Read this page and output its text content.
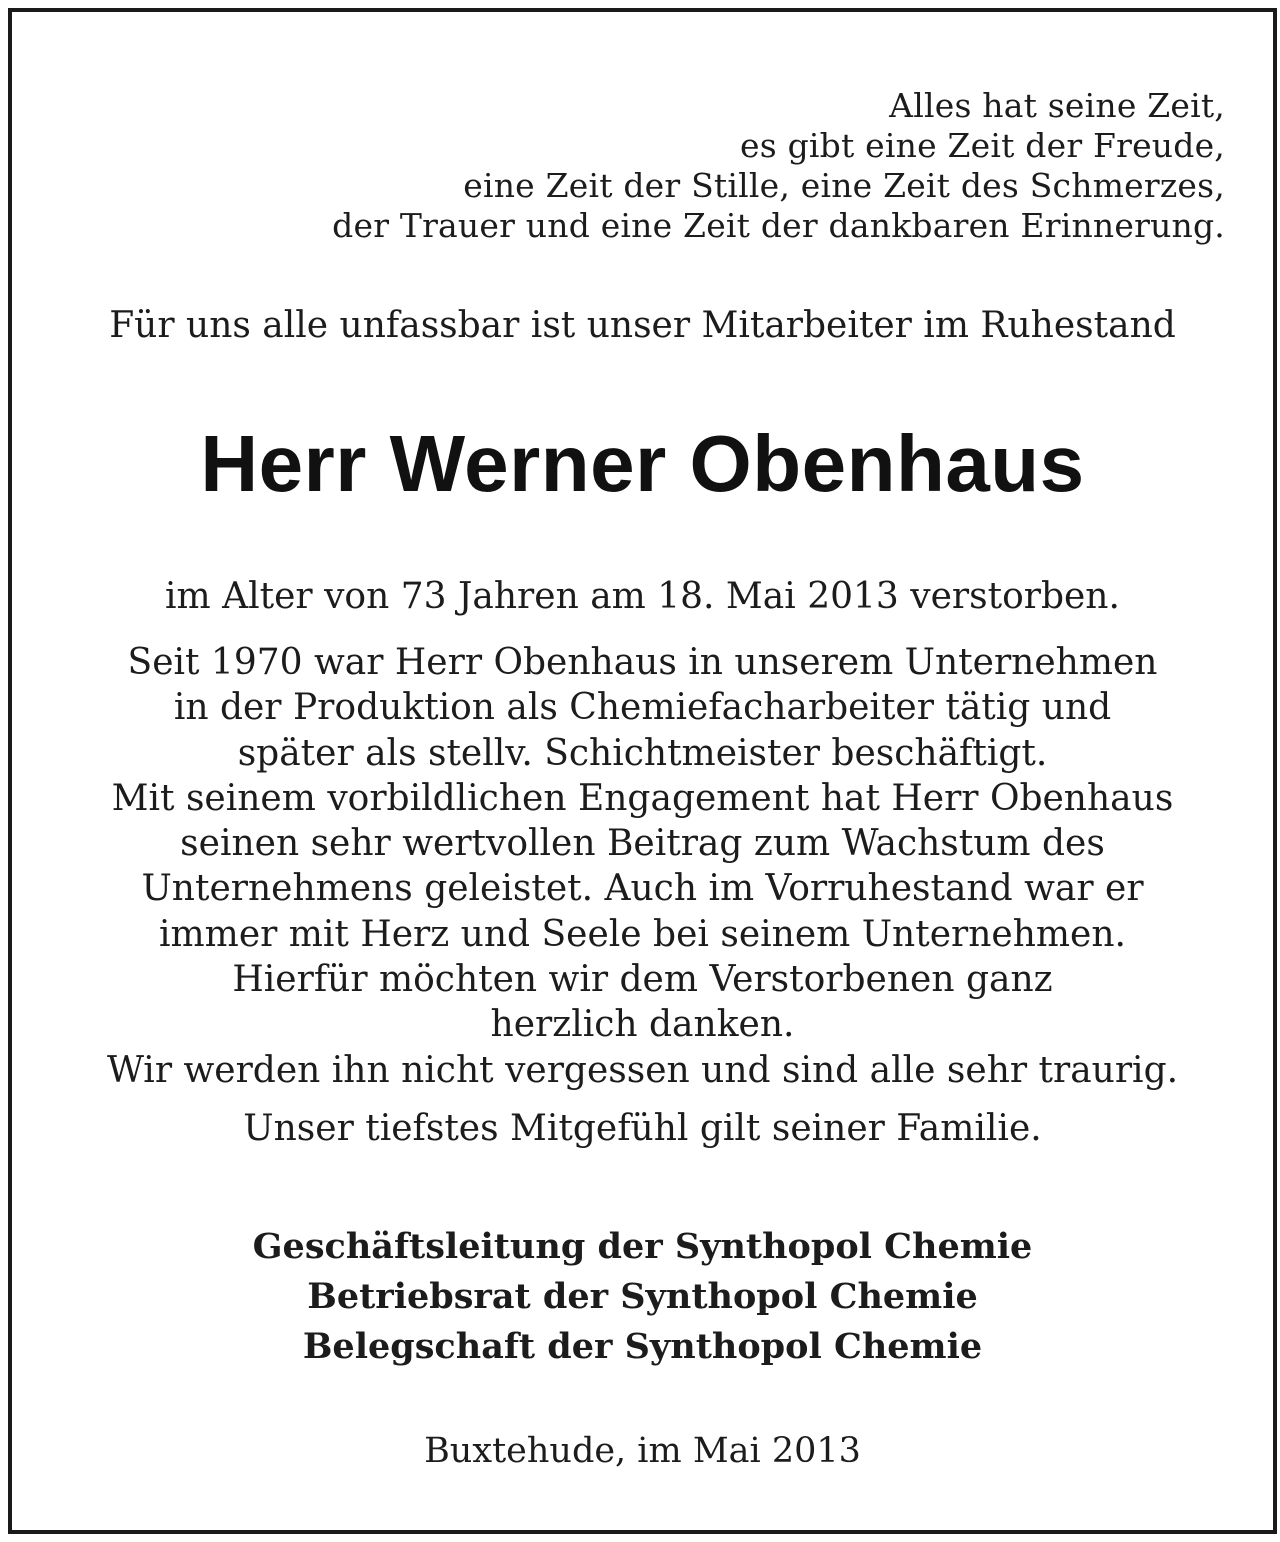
Alles hat seine Zeit,
es gibt eine Zeit der Freude,
eine Zeit der Stille, eine Zeit des Schmerzes,
der Trauer und eine Zeit der dankbaren Erinnerung.
Für uns alle unfassbar ist unser Mitarbeiter im Ruhestand
Herr Werner Obenhaus
im Alter von 73 Jahren am 18. Mai 2013 verstorben.
Seit 1970 war Herr Obenhaus in unserem Unternehmen
in der Produktion als Chemiefacharbeiter tätig und
später als stellv. Schichtmeister beschäftigt.
Mit seinem vorbildlichen Engagement hat Herr Obenhaus
seinen sehr wertvollen Beitrag zum Wachstum des
Unternehmens geleistet. Auch im Vorruhestand war er
immer mit Herz und Seele bei seinem Unternehmen.
Hierfür möchten wir dem Verstorbenen ganz
herzlich danken.
Wir werden ihn nicht vergessen und sind alle sehr traurig.
Unser tiefstes Mitgefühl gilt seiner Familie.
Geschäftsleitung der Synthopol Chemie
Betriebsrat der Synthopol Chemie
Belegschaft der Synthopol Chemie
Buxtehude, im Mai 2013
